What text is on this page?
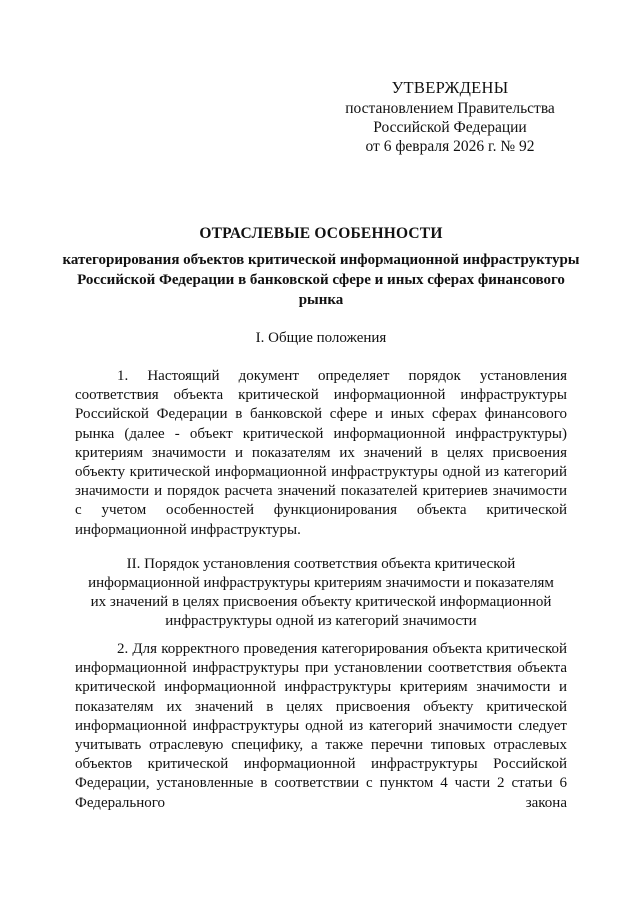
УТВЕРЖДЕНЫ
постановлением Правительства
Российской Федерации
от 6 февраля 2026 г. № 92
ОТРАСЛЕВЫЕ ОСОБЕННОСТИ
категорирования объектов критической информационной инфраструктуры Российской Федерации в банковской сфере и иных сферах финансового рынка
I. Общие положения
1. Настоящий документ определяет порядок установления соответствия объекта критической информационной инфраструктуры Российской Федерации в банковской сфере и иных сферах финансового рынка (далее - объект критической информационной инфраструктуры) критериям значимости и показателям их значений в целях присвоения объекту критической информационной инфраструктуры одной из категорий значимости и порядок расчета значений показателей критериев значимости с учетом особенностей функционирования объекта критической информационной инфраструктуры.
II. Порядок установления соответствия объекта критической информационной инфраструктуры критериям значимости и показателям их значений в целях присвоения объекту критической информационной инфраструктуры одной из категорий значимости
2. Для корректного проведения категорирования объекта критической информационной инфраструктуры при установлении соответствия объекта критической информационной инфраструктуры критериям значимости и показателям их значений в целях присвоения объекту критической информационной инфраструктуры одной из категорий значимости следует учитывать отраслевую специфику, а также перечни типовых отраслевых объектов критической информационной инфраструктуры Российской Федерации, установленные в соответствии с пунктом 4 части 2 статьи 6 Федерального закона
